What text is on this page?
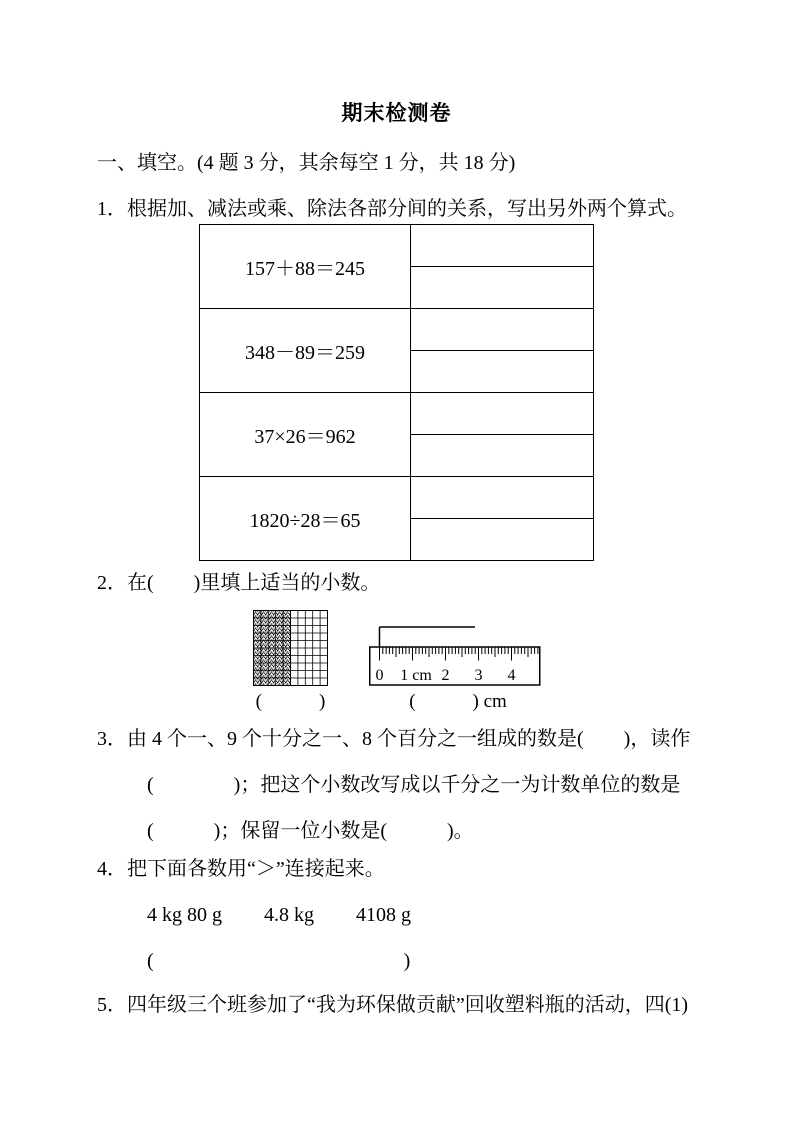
期末检测卷
一、填空。(4 题 3 分，其余每空 1 分，共 18 分)
1．根据加、减法或乘、除法各部分间的关系，写出另外两个算式。
157＋88＝245	

348－89＝259	

37×26＝962	

1820÷28＝65	

2．在(　　)里填上适当的小数。
(　　　)
0 1 cm 2 3 4
(　　　) cm
3．由 4 个一、9 个十分之一、8 个百分之一组成的数是(　　)，读作
(　　　　)；把这个小数改写成以千分之一为计数单位的数是
(　　　)；保留一位小数是(　　　)。
4．把下面各数用“＞”连接起来。
4 kg 80 g 4.8 kg 4108 g
(	)
5．四年级三个班参加了“我为环保做贡献”回收塑料瓶的活动，四(1)
